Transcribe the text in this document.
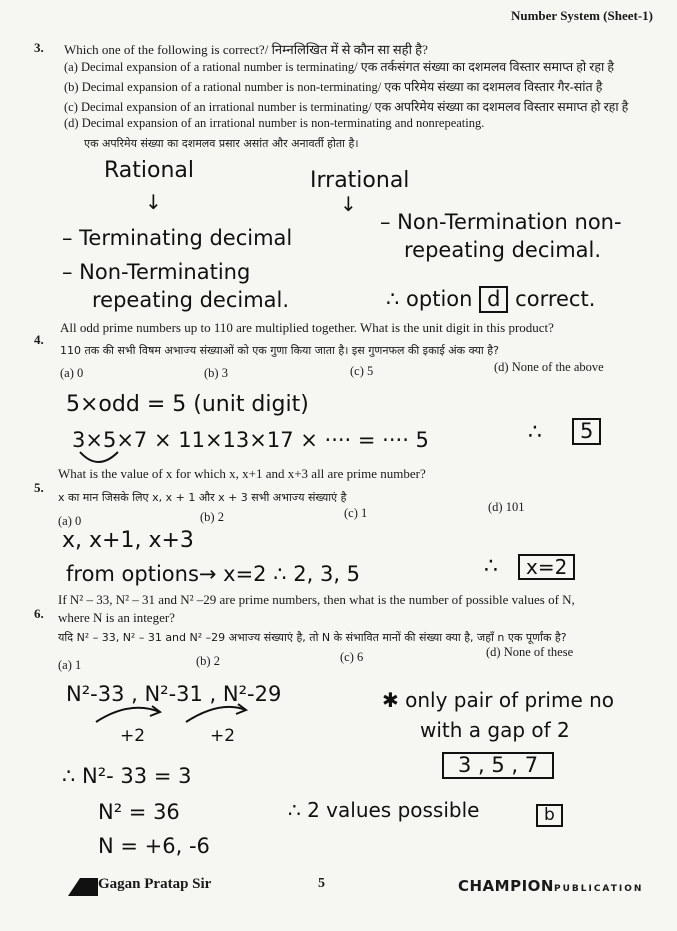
Number System (Sheet-1)
3. Which one of the following is correct?/ निम्नलिखित में से कौन सा सही है?
(a) Decimal expansion of a rational number is terminating/ एक तर्कसंगत संख्या का दशमलव विस्तार समाप्त हो रहा है
(b) Decimal expansion of a rational number is non-terminating/ एक परिमेय संख्या का दशमलव विस्तार गैर-सांत है
(c) Decimal expansion of an irrational number is terminating/ एक अपरिमेय संख्या का दशमलव विस्तार समाप्त हो रहा है
(d) Decimal expansion of an irrational number is non-terminating and nonrepeating.
एक अपरिमेय संख्या का दशमलव प्रसार असांत और अनावर्ती होता है।
Rational	Irrational
↓	↓
– Terminating decimal
– Non-Terminating
repeating decimal.
– Non-Termination non-
repeating decimal.
∴ option d correct.
4.
All odd prime numbers up to 110 are multiplied together. What is the unit digit in this product?
110 तक की सभी विषम अभाज्य संख्याओं को एक गुणा किया जाता है। इस गुणनफल की इकाई अंक क्या है?
(a) 0	(b) 3	(c) 5	(d) None of the above
5×odd = 5 (unit digit)
3×5×7 × 11×13×17 × ···· = ···· 5	∴	5
5.
What is the value of x for which x, x+1 and x+3 all are prime number?
x का मान जिसके लिए x, x + 1 और x + 3 सभी अभाज्य संख्याएं है
(a) 0	(b) 2	(c) 1	(d) 101
x, x+1, x+3
from options→ x=2 ∴ 2, 3, 5	∴	x=2
6.
If N² – 33, N² – 31 and N² –29 are prime numbers, then what is the number of possible values of N,
where N is an integer?
यदि N² – 33, N² – 31 and N² –29 अभाज्य संख्याएं है, तो N के संभावित मानों की संख्या क्या है, जहाँ n एक पूर्णांक है?
(a) 1	(b) 2	(c) 6	(d) None of these
N²-33 , N²-31 , N²-29
+2	+2
✱ only pair of prime no
with a gap of 2
3 , 5 , 7
∴ N²- 33 = 3
N² = 36
N = +6, -6
∴ 2 values possible	b
Gagan Pratap Sir	5	CHAMPIONPUBLICATION
